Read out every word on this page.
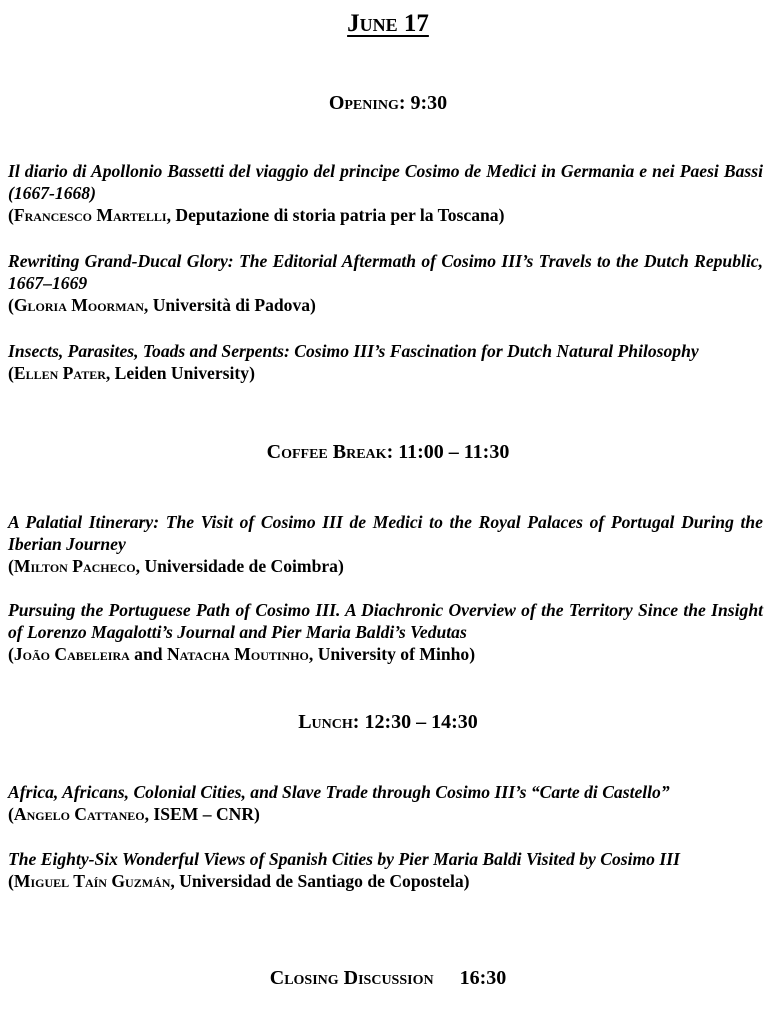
June 17
Opening: 9:30
Il diario di Apollonio Bassetti del viaggio del principe Cosimo de Medici in Germania e nei Paesi Bassi (1667-1668)
(Francesco Martelli, Deputazione di storia patria per la Toscana)
Rewriting Grand-Ducal Glory: The Editorial Aftermath of Cosimo III’s Travels to the Dutch Republic, 1667–1669
(Gloria Moorman, Università di Padova)
Insects, Parasites, Toads and Serpents: Cosimo III’s Fascination for Dutch Natural Philosophy
(Ellen Pater, Leiden University)
Coffee Break: 11:00 – 11:30
A Palatial Itinerary: The Visit of Cosimo III de Medici to the Royal Palaces of Portugal During the Iberian Journey
(Milton Pacheco, Universidade de Coimbra)
Pursuing the Portuguese Path of Cosimo III. A Diachronic Overview of the Territory Since the Insight of Lorenzo Magalotti’s Journal and Pier Maria Baldi’s Vedutas
(João Cabeleira and Natacha Moutinho, University of Minho)
Lunch: 12:30 – 14:30
Africa, Africans, Colonial Cities, and Slave Trade through Cosimo III’s “Carte di Castello”
(Angelo Cattaneo, ISEM – CNR)
The Eighty-Six Wonderful Views of Spanish Cities by Pier Maria Baldi Visited by Cosimo III
(Miguel Taín Guzmán, Universidad de Santiago de Copostela)
Closing Discussion 16:30
